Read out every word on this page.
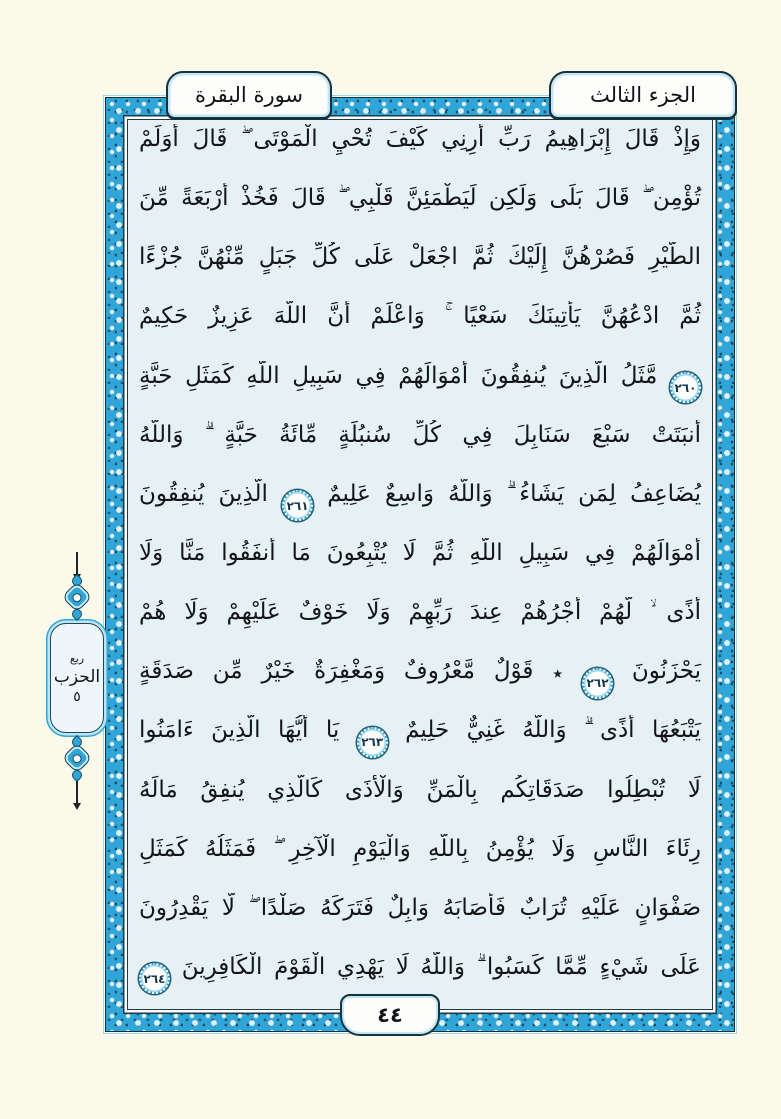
الجزء الثالث
سورة البقرة
وَإِذْ قَالَ إِبْرَاهِيمُ رَبِّ أَرِنِي كَيْفَ تُحْيِ الْمَوْتَى ۖ قَالَ أَوَلَمْ
تُؤْمِن ۖ قَالَ بَلَى وَلَكِن لِّيَطْمَئِنَّ قَلْبِي ۖ قَالَ فَخُذْ أَرْبَعَةً مِّنَ
الطَّيْرِ فَصُرْهُنَّ إِلَيْكَ ثُمَّ اجْعَلْ عَلَى كُلِّ جَبَلٍ مِّنْهُنَّ جُزْءًا
ثُمَّ ادْعُهُنَّ يَأْتِينَكَ سَعْيًا ۚ وَاعْلَمْ أَنَّ اللَّهَ عَزِيزٌ حَكِيمٌ
٢٦٠ مَّثَلُ الَّذِينَ يُنفِقُونَ أَمْوَالَهُمْ فِي سَبِيلِ اللَّهِ كَمَثَلِ حَبَّةٍ
أَنبَتَتْ سَبْعَ سَنَابِلَ فِي كُلِّ سُنبُلَةٍ مِّائَةُ حَبَّةٍ ۗ وَاللَّهُ
يُضَاعِفُ لِمَن يَشَاءُ ۗ وَاللَّهُ وَاسِعٌ عَلِيمٌ ٢٦١ الَّذِينَ يُنفِقُونَ
أَمْوَالَهُمْ فِي سَبِيلِ اللَّهِ ثُمَّ لَا يُتْبِعُونَ مَا أَنفَقُوا مَنًّا وَلَا
أَذًى ۙ لَّهُمْ أَجْرُهُمْ عِندَ رَبِّهِمْ وَلَا خَوْفٌ عَلَيْهِمْ وَلَا هُمْ
يَحْزَنُونَ ٢٦٢ ٭ قَوْلٌ مَّعْرُوفٌ وَمَغْفِرَةٌ خَيْرٌ مِّن صَدَقَةٍ
يَتْبَعُهَا أَذًى ۗ وَاللَّهُ غَنِيٌّ حَلِيمٌ ٢٦٣ يَا أَيُّهَا الَّذِينَ ءَامَنُوا
لَا تُبْطِلُوا صَدَقَاتِكُم بِالْمَنِّ وَالْأَذَى كَالَّذِي يُنفِقُ مَالَهُ
رِئَاءَ النَّاسِ وَلَا يُؤْمِنُ بِاللَّهِ وَالْيَوْمِ الْآخِرِ ۖ فَمَثَلُهُ كَمَثَلِ
صَفْوَانٍ عَلَيْهِ تُرَابٌ فَأَصَابَهُ وَابِلٌ فَتَرَكَهُ صَلْدًا ۖ لَّا يَقْدِرُونَ
عَلَى شَيْءٍ مِّمَّا كَسَبُوا ۗ وَاللَّهُ لَا يَهْدِي الْقَوْمَ الْكَافِرِينَ ٢٦٤
ربع
الحزب
٥
٤٤
